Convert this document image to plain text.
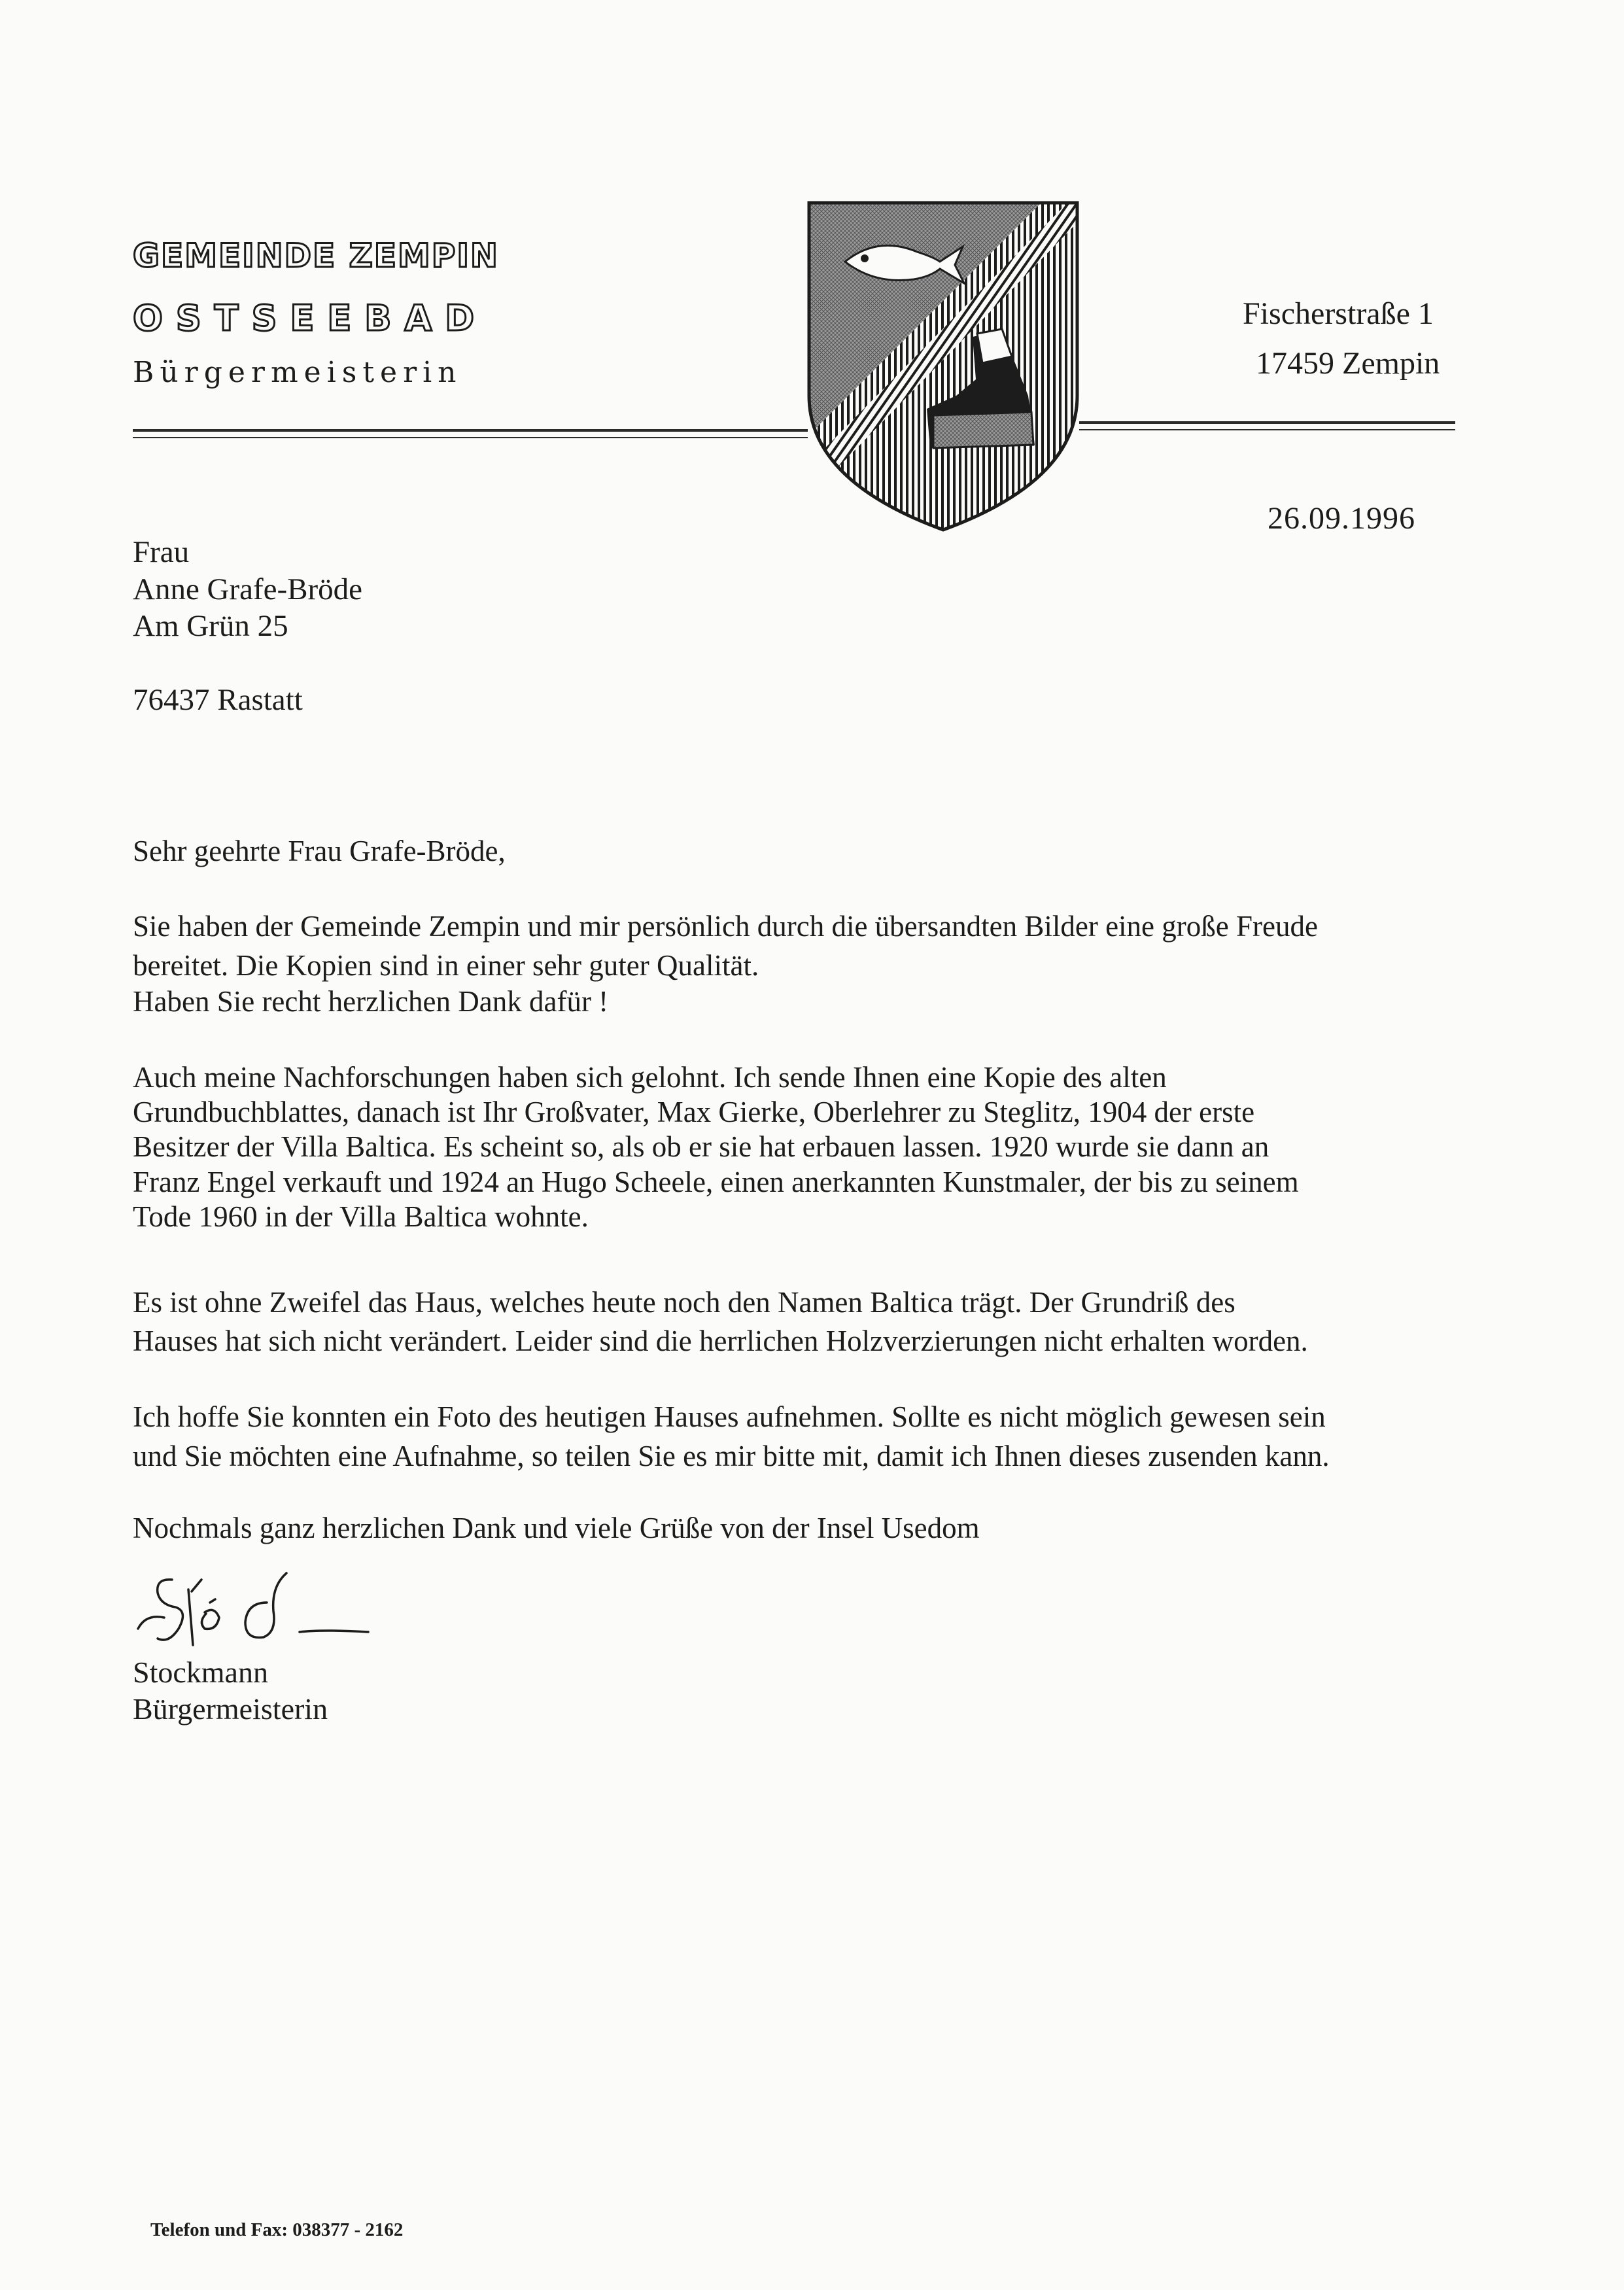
GEMEINDE ZEMPIN
OSTSEEBAD
Bürgermeisterin
Fischerstraße 1
17459 Zempin
26.09.1996
Frau
Anne Grafe-Bröde
Am Grün 25
76437 Rastatt
Sehr geehrte Frau Grafe-Bröde,
Sie haben der Gemeinde Zempin und mir persönlich durch die übersandten Bilder eine große Freude
bereitet. Die Kopien sind in einer sehr guter Qualität.
Haben Sie recht herzlichen Dank dafür !
Auch meine Nachforschungen haben sich gelohnt. Ich sende Ihnen eine Kopie des alten
Grundbuchblattes, danach ist Ihr Großvater, Max Gierke, Oberlehrer zu Steglitz, 1904 der erste
Besitzer der Villa Baltica. Es scheint so, als ob er sie hat erbauen lassen. 1920 wurde sie dann an
Franz Engel verkauft und 1924 an Hugo Scheele, einen anerkannten Kunstmaler, der bis zu seinem
Tode 1960 in der Villa Baltica wohnte.
Es ist ohne Zweifel das Haus, welches heute noch den Namen Baltica trägt. Der Grundriß des
Hauses hat sich nicht verändert. Leider sind die herrlichen Holzverzierungen nicht erhalten worden.
Ich hoffe Sie konnten ein Foto des heutigen Hauses aufnehmen. Sollte es nicht möglich gewesen sein
und Sie möchten eine Aufnahme, so teilen Sie es mir bitte mit, damit ich Ihnen dieses zusenden kann.
Nochmals ganz herzlichen Dank und viele Grüße von der Insel Usedom
Stockmann
Bürgermeisterin
Telefon und Fax: 038377 - 2162
